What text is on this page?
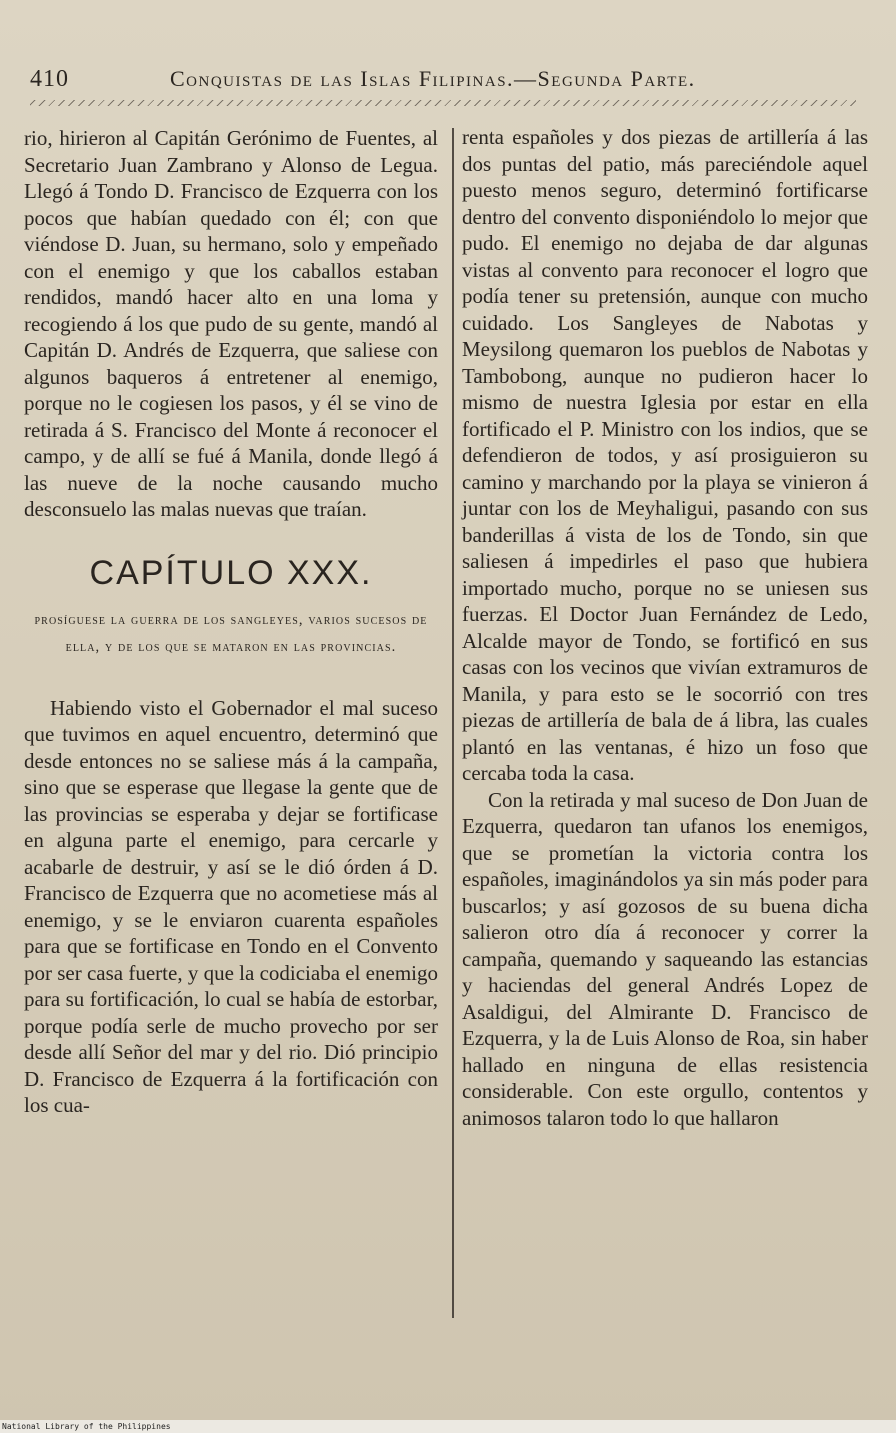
410	Conquistas de las Islas Filipinas.—Segunda Parte.

rio, hirieron al Capitán Gerónimo de Fuentes, al Secretario Juan Zambrano y Alonso de Legua. Llegó á Tondo D. Francisco de Ezquerra con los pocos que habían quedado con él; con que viéndose D. Juan, su hermano, solo y empeñado con el enemigo y que los caballos estaban rendidos, mandó hacer alto en una loma y recogiendo á los que pudo de su gente, mandó al Capitán D. Andrés de Ezquerra, que saliese con algunos baqueros á entretener al enemigo, porque no le cogiesen los pasos, y él se vino de retirada á S. Francisco del Monte á reconocer el campo, y de allí se fué á Manila, donde llegó á las nueve de la noche causando mucho desconsuelo las malas nuevas que traían.

CAPÍTULO XXX.

prosíguese la guerra de los sangleyes, varios sucesos de ella, y de los que se mataron en las provincias.

Habiendo visto el Gobernador el mal suceso que tuvimos en aquel encuentro, determinó que desde entonces no se saliese más á la campaña, sino que se esperase que llegase la gente que de las provincias se esperaba y dejar se fortificase en alguna parte el enemigo, para cercarle y acabarle de destruir, y así se le dió órden á D. Francisco de Ezquerra que no acometiese más al enemigo, y se le enviaron cuarenta españoles para que se fortificase en Tondo en el Convento por ser casa fuerte, y que la codiciaba el enemigo para su fortificación, lo cual se había de estorbar, porque podía serle de mucho provecho por ser desde allí Señor del mar y del rio. Dió principio D. Francisco de Ezquerra á la fortificación con los cua-

renta españoles y dos piezas de artillería á las dos puntas del patio, más pareciéndole aquel puesto menos seguro, determinó fortificarse dentro del convento disponiéndolo lo mejor que pudo. El enemigo no dejaba de dar algunas vistas al convento para reconocer el logro que podía tener su pretensión, aunque con mucho cuidado. Los Sangleyes de Nabotas y Meysilong quemaron los pueblos de Nabotas y Tambobong, aunque no pudieron hacer lo mismo de nuestra Iglesia por estar en ella fortificado el P. Ministro con los indios, que se defendieron de todos, y así prosiguieron su camino y marchando por la playa se vinieron á juntar con los de Meyhaligui, pasando con sus banderillas á vista de los de Tondo, sin que saliesen á impedirles el paso que hubiera importado mucho, porque no se uniesen sus fuerzas. El Doctor Juan Fernández de Ledo, Alcalde mayor de Tondo, se fortificó en sus casas con los vecinos que vivían extramuros de Manila, y para esto se le socorrió con tres piezas de artillería de bala de á libra, las cuales plantó en las ventanas, é hizo un foso que cercaba toda la casa.

Con la retirada y mal suceso de Don Juan de Ezquerra, quedaron tan ufanos los enemigos, que se prometían la victoria contra los españoles, imaginándolos ya sin más poder para buscarlos; y así gozosos de su buena dicha salieron otro día á reconocer y correr la campaña, quemando y saqueando las estancias y haciendas del general Andrés Lopez de Asaldigui, del Almirante D. Francisco de Ezquerra, y la de Luis Alonso de Roa, sin haber hallado en ninguna de ellas resistencia considerable. Con este orgullo, contentos y animosos talaron todo lo que hallaron

National Library of the Philippines
